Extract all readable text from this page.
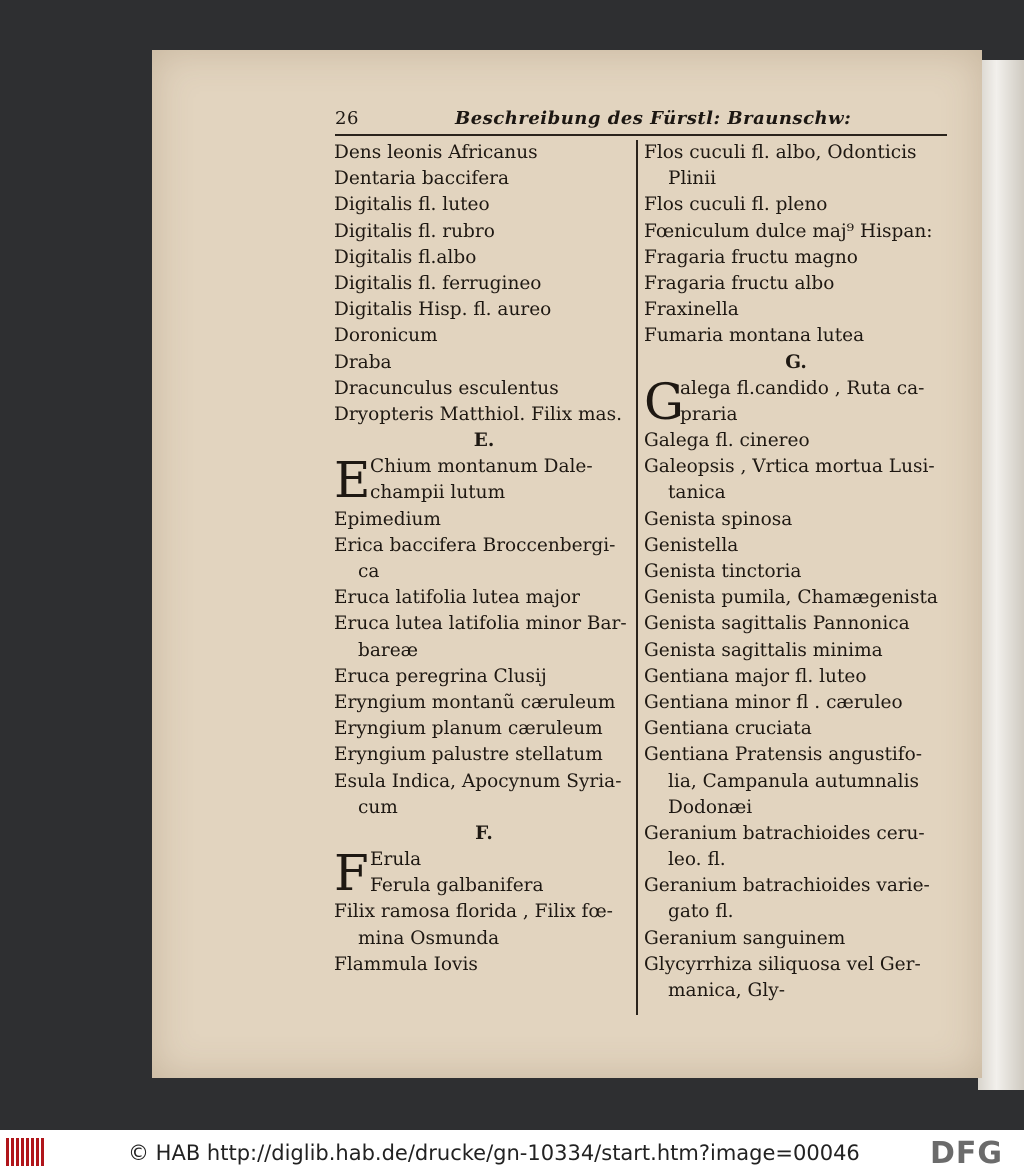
26	Beschreibung des Fürstl: Braunschw:
Dens leonis Africanus
Dentaria baccifera
Digitalis fl. luteo
Digitalis fl. rubro
Digitalis fl.albo
Digitalis fl. ferrugineo
Digitalis Hisp. fl. aureo
Doronicum
Draba
Dracunculus esculentus
Dryopteris Matthiol. Filix mas.
E.
E Chium montanum Dale-
champii lutum
Epimedium
Erica baccifera Broccenbergi-
ca
Eruca latifolia lutea major
Eruca lutea latifolia minor Bar-
bareæ
Eruca peregrina Clusij
Eryngium montanũ cæruleum
Eryngium planum cæruleum
Eryngium palustre stellatum
Esula Indica, Apocynum Syria-
cum
F.
F Erula
Ferula galbanifera
Filix ramosa florida , Filix fœ-
mina Osmunda
Flammula Iovis
Flos cuculi fl. albo, Odonticis
Plinii
Flos cuculi fl. pleno
Fœniculum dulce maj⁹ Hispan:
Fragaria fructu magno
Fragaria fructu albo
Fraxinella
Fumaria montana lutea
G.
G
alega fl.candido , Ruta ca-
praria
Galega fl. cinereo
Galeopsis , Vrtica mortua Lusi-
tanica
Genista spinosa
Genistella
Genista tinctoria
Genista pumila, Chamægenista
Genista sagittalis Pannonica
Genista sagittalis minima
Gentiana major fl. luteo
Gentiana minor fl . cæruleo
Gentiana cruciata
Gentiana Pratensis angustifo-
lia, Campanula autumnalis
Dodonæi
Geranium batrachioides ceru-
leo. fl.
Geranium batrachioides varie-
gato fl.
Geranium sanguinem
Glycyrrhiza siliquosa vel Ger-
manica, Gly-
© HAB http://diglib.hab.de/drucke/gn-10334/start.htm?image=00046 DFG
